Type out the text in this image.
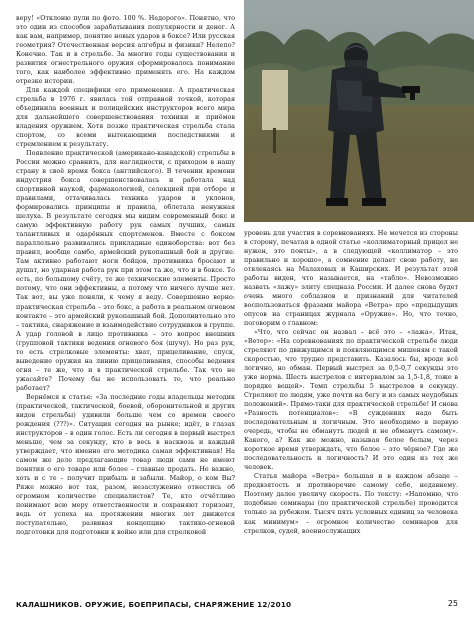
веру! «Отклоню пули по фото. 100 %. Недорого». Понятно, что это один из способов зарабатывания популярности и денег. А как вам, например, понятие новых ударов в боксе? Или русская геометрия? Отечественная версия алгебры и физики? Нелепо? Конечно. Так и в стрельбе. За многие годы существования и развития огнестрельного оружия сформировалось понимание того, как наиболее эффективно применять его. На каждом отрезке истории.

Для каждой специфики его применения. А практическая стрельба в 1976 г. явилась той отправной точкой, которая объединила военных и полицейских инструкторов всего мира для дальнейшего совершенствования техники и приёмов владения оружием. Хотя позже практическая стрельба стала спортом, со всеми вытекающими последствиями и стремлением к результату.

Появление практической (американо-канадской) стрельбы в России можно сравнить, для наглядности, с приходом в нашу страну в своё время бокса (английского). В течении времени индустрия бокса совершенствовалась и работала над спортивной наукой, фармакологией, селекцией при отборе и правилами, оттачивалась техника ударов и уклонов, формировались принципы и правила, облетала ненужная шелуха. В результате сегодня мы видим современный бокс и самую эффективную работу рук самых лучших, самых талантливых и одарённых спортсменов. Вместе с боксом параллельно развивались прикладные единоборства: вот без правил, вообще самбо, армейский рукопашный бой и другие. Там активно работают ноги бойцов, противника бросают и душат, но ударная работа рук при этом та же, что и в боксе. То есть, по большому счёту, те же технические элементы. Просто потому, что они эффективны, а потому что ничего лучше нет. Так вот, вы уже поняли, к чему я веду. Совершенно верно: практическая стрельба – это бокс, а работа в реальном огневом контакте – это армейский рукопашный бой. Дополнительно это – тактика, снаряжение и взаимодействие сотрудников в группе. А удар головой в лицо противника – это вопрос внешних (групповой тактики ведения огневого боя (шучу). Но раз рук, то есть стрелковые элементы: хват, прицеливание, спуск, выведение оружия на линию прицеливания, способы ведения огня – те же, что и в практической стрельбе. Так что не ужасайте? Почему бы не использовать то, что реально работает?

Вернёмся к статье: «За последние годы владельцы методик (практической, тактической, боевой, оборонительной и других видов стрельбы) удивили больше чем со времен своего рождения (???)». Ситуация сегодня на рынке; идёт, в глазах инструкторов – в один голос. Есть ли сегодня в первый выстрел меньше, чем за секунду, кто в весь в насквозь и каждый утверждает, что именно его методика самая эффективная! На самом же деле предлагающие товар люди сами не имеют понятия о его товаре или более – главные продать. Не важно, хоть и с те – получит прибыль и забыли. Майор, о ком Вы? Ряже можно вот так, разом, незаслуженно отнестись об огромном количестве специалистов? Те, кто отчётливо понимают всю меру ответственности и сохраняют горизонт, ведь от успеха на протяжении многих лет движется поступательно, развивая концепцию тактико-огневой подготовки для подготовки к войне или для стрелковой

уровень для участия в соревнованиях. Не мечется из стороны в сторону, печатая в одной статье «коллиматорный прицел не нужен, это понты», а в следующей «коллиматор – это правильно и хорошо», а сомнение делает свою работу, не отвлекаясь на Малаховых и Каширских. И результат этой работы виден, что называется, на «табло». Невозможно назвать «лажу» элиту спецназа России. И далее снова будет очень много соблазнов и признаний для читателей воспользоваться фразами майора «Ветра» про «предыдущих опусов на страницах журнала «Оружие». Но, что точно, поговорим о главном:

«Что, что сейчас он назвал – всё это – «лажа». Итак, «Ветер»: «На соревнованиях по практической стрельбе люди стреляют по движущимся и появляющимся мишеням с такой скоростью, что трудно представить. Казалось бы, вроде всё логично, но обман. Первый выстрел за 0,5-0,7 секунды это уже норма. Шесть выстрелов с интервалом за 1,5-1,8, тоже в порядке вещей». Темп стрельбы 5 выстрелов в секунду. Стреляют по людям, уже почти на бегу и из самых неудобных положений». Прямо-таки для практической стрельбе! И снова «Разность потенциалов»: «В суждениях надо быть последовательным и логичным. Это необходимо в первую очередь, чтобы не обманутъ людей и не обманутъ самому». Какого, а? Как же можно, называя белое белым, через короткое время утверждать, что белое – это чёрное? Где же последовательность и логичность? И это один из тех же человек.

Статья майора «Ветра» большая и в каждом абзаце – предвзятость и противоречие самому себе, недавнему. Поэтому далее увеличу скорость. По тексту: «Напомню, что подобные семинары (по практической стрельбе) проводится только за рубежом. Тысяч пять условных единиц за человека как минимум» – огромное количество семинаров для стрелков, судей, военнослужащих

КАЛАШНИКОВ. ОРУЖИЕ, БОЕПРИПАСЫ, СНАРЯЖЕНИЕ 12/2010	25
